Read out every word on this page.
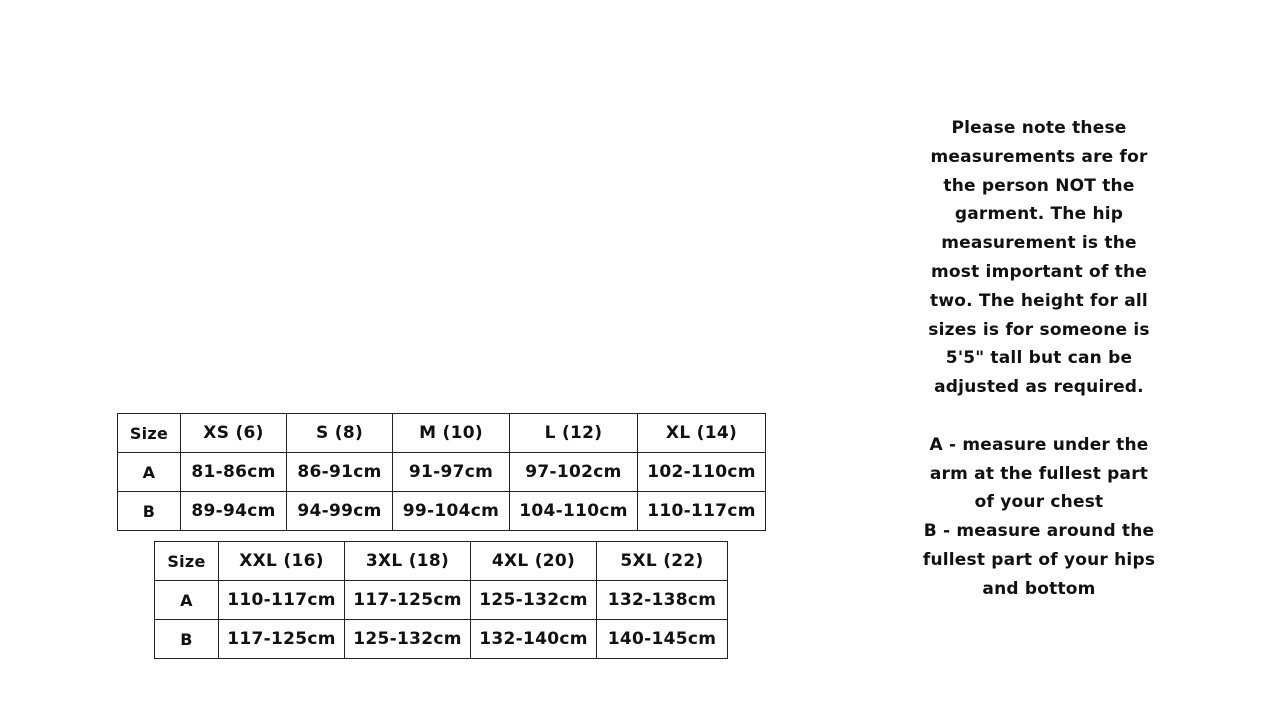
Size	XS (6)	S (8)	M (10)	L (12)	XL (14)
A	81-86cm	86-91cm	91-97cm	97-102cm	102-110cm
B	89-94cm	94-99cm	99-104cm	104-110cm	110-117cm
Size	XXL (16)	3XL (18)	4XL (20)	5XL (22)
A	110-117cm	117-125cm	125-132cm	132-138cm
B	117-125cm	125-132cm	132-140cm	140-145cm

Please note these measurements are for the person NOT the garment. The hip measurement is the most important of the two. The height for all sizes is for someone is 5'5" tall but can be adjusted as required.

A - measure under the arm at the fullest part of your chest

B - measure around the fullest part of your hips and bottom
